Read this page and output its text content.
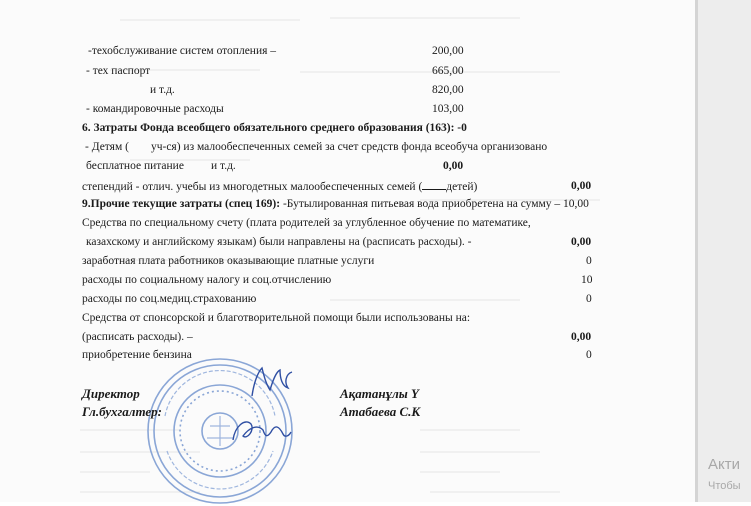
-техобслуживание систем отопления –	200,00
- тех паспорт	665,00
и т.д.	820,00
- командировочные расходы	103,00
6. Затраты Фонда всеобщего обязательного среднего образования (163): -0
- Детям ( уч-ся) из малообеспеченных семей за счет средств фонда всеобуча организовано
бесплатное питание и т.д.	0,00
степендий - отлич. учебы из многодетных малообеспеченных семей ( детей)	0,00
9.Прочие текущие затраты (спец 169): -Бутылированная питьевая вода приобретена на сумму – 10,00
Средства по специальному счету (плата родителей за углубленное обучение по математике,
казахскому и английскому языкам) были направлены на (расписать расходы). -	0,00
заработная плата работников оказывающие платные услуги	0
расходы по социальному налогу и соц.отчислению	10
расходы по соц.медиц.страхованию	0
Средства от спонсорской и благотворительной помощи были использованы на:
(расписать расходы). –	0,00
приобретение бензина	0
Директор
Гл.бухгалтер:
Ақатанұлы Ү
Атабаева С.К
Акти
Чтобы
